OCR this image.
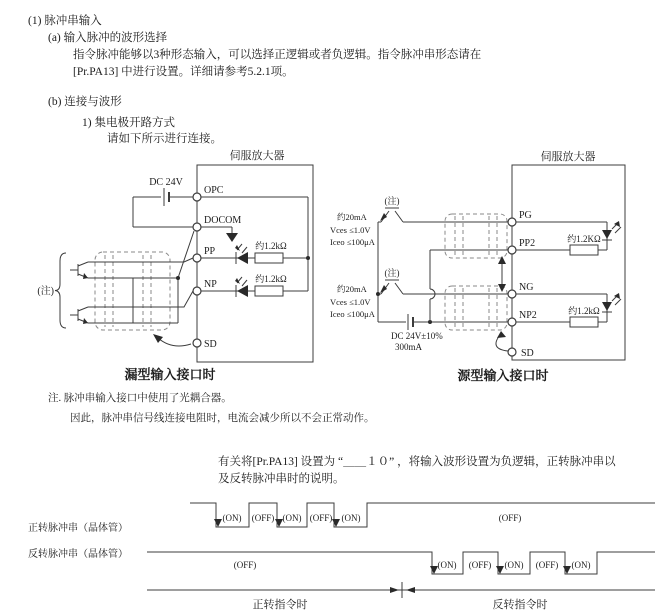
(1) 脉冲串输入
(a) 输入脉冲的波形选择
指令脉冲能够以3种形态输入，可以选择正逻辑或者负逻辑。指令脉冲串形态请在
[Pr.PA13] 中进行设置。详细请参考5.2.1项。
(b) 连接与波形
1) 集电极开路方式
请如下所示进行连接。
伺服放大器
约1.2kΩ
约1.2kΩ
DC 24V
(注)
OPC
DOCOM
PP
NP
SD
漏型输入接口时
伺服放大器
约1.2KΩ
约1.2kΩ
(注)
(注)
约20mA
Vces ≤1.0V
Iceo ≤100μA
约20mA
Vces ≤1.0V
Iceo ≤100μA
DC 24V±10%
300mA
PG
PP2
NG
NP2
SD
源型输入接口时
注. 脉冲串输入接口中使用了光耦合器。
因此，脉冲串信号线连接电阻时，电流会减少所以不会正常动作。
有关将[Pr.PA13] 设置为 “＿＿１０” ，将输入波形设置为负逻辑，正转脉冲串以
及反转脉冲串时的说明。
正转脉冲串（晶体管）
反转脉冲串（晶体管）
(ON) (OFF) (ON) (OFF) (ON)	(OFF)
(OFF)	(ON) (OFF) (ON) (OFF) (ON)
正转指令时	反转指令时
